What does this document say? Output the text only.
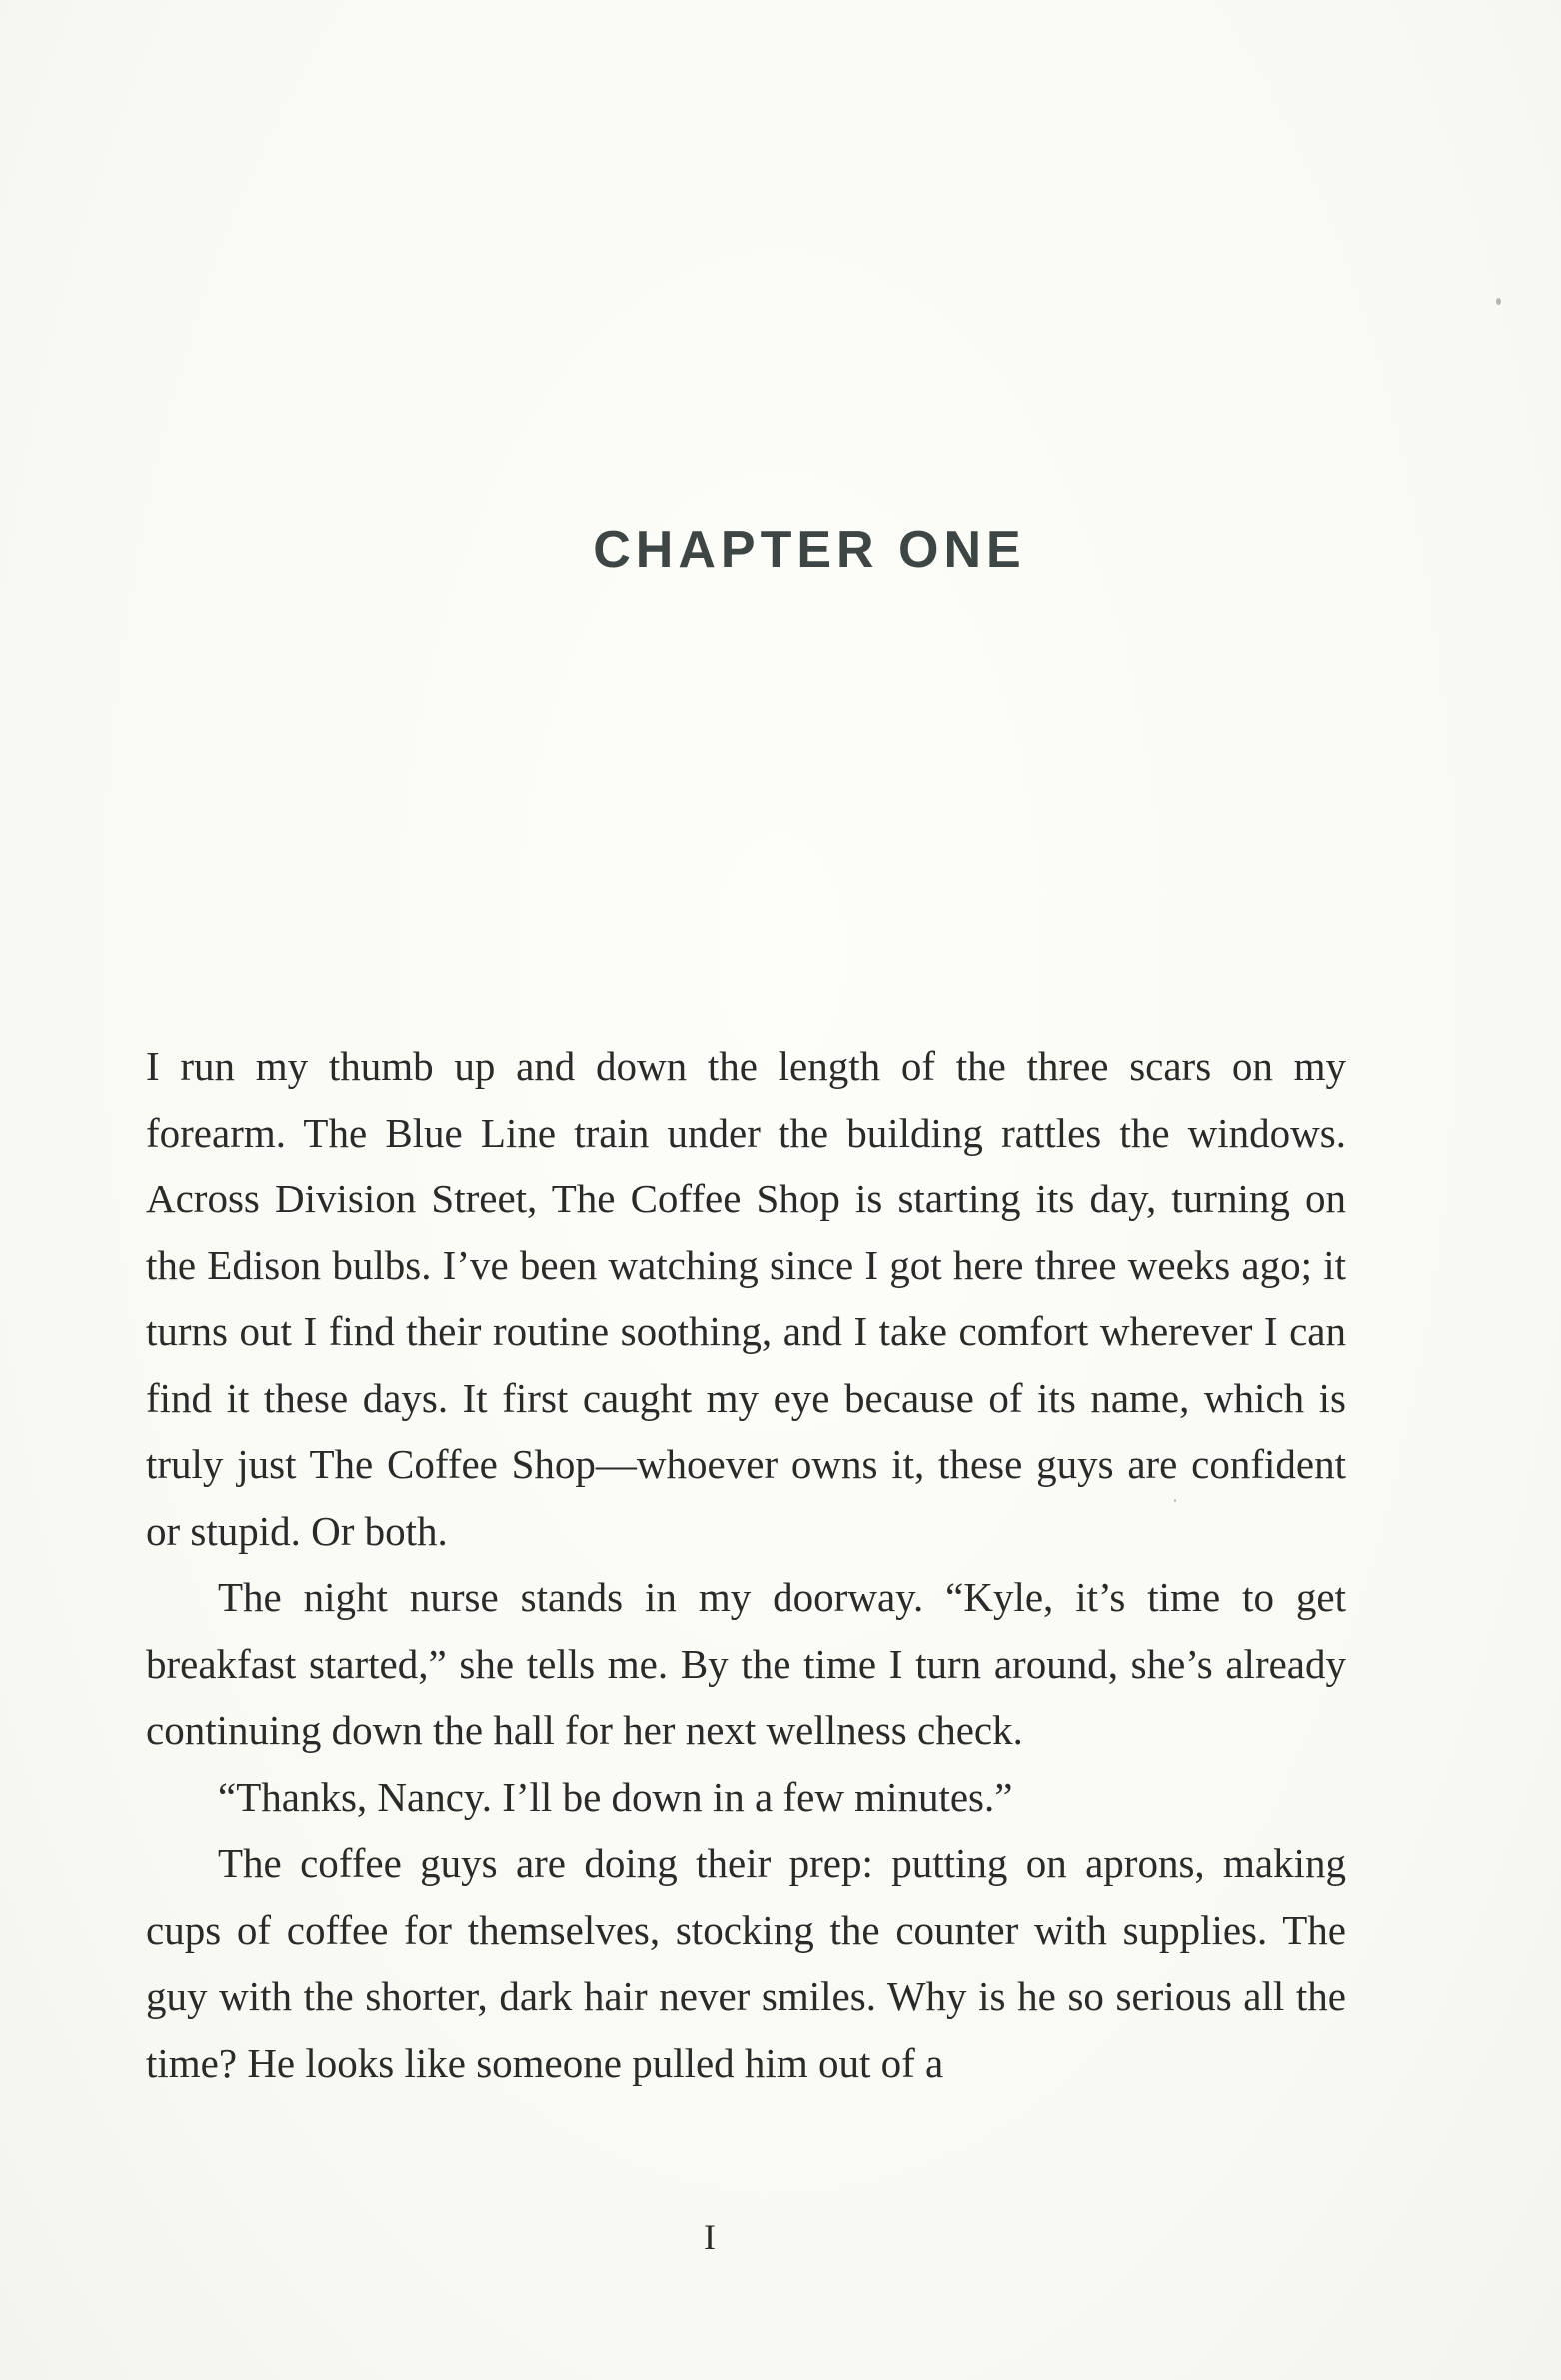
CHAPTER ONE

I run my thumb up and down the length of the three scars on my forearm. The Blue Line train under the building rattles the windows. Across Division Street, The Coffee Shop is starting its day, turning on the Edison bulbs. I’ve been watching since I got here three weeks ago; it turns out I find their routine soothing, and I take comfort wherever I can find it these days. It first caught my eye because of its name, which is truly just The Coffee Shop—whoever owns it, these guys are confident or stupid. Or both.

The night nurse stands in my doorway. “Kyle, it’s time to get breakfast started,” she tells me. By the time I turn around, she’s already continuing down the hall for her next wellness check.

“Thanks, Nancy. I’ll be down in a few minutes.”

The coffee guys are doing their prep: putting on aprons, making cups of coffee for themselves, stocking the counter with supplies. The guy with the shorter, dark hair never smiles. Why is he so serious all the time? He looks like someone pulled him out of a

I
